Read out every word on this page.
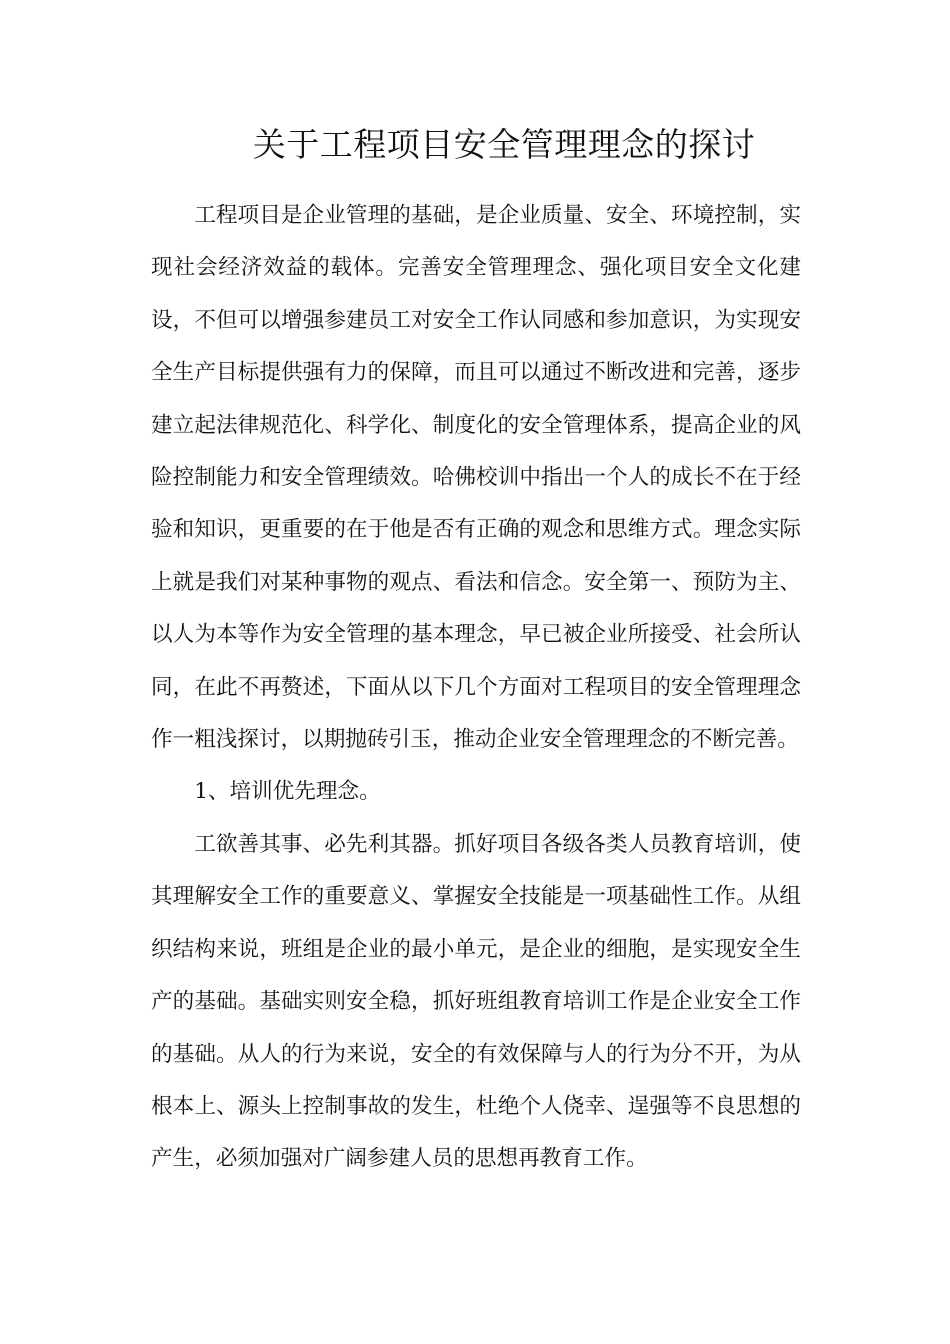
关于工程项目安全管理理念的探讨

工程项目是企业管理的基础，是企业质量、安全、环境控制，实现社会经济效益的载体。完善安全管理理念、强化项目安全文化建设，不但可以增强参建员工对安全工作认同感和参加意识，为实现安全生产目标提供强有力的保障，而且可以通过不断改进和完善，逐步建立起法律规范化、科学化、制度化的安全管理体系，提高企业的风险控制能力和安全管理绩效。哈佛校训中指出一个人的成长不在于经验和知识，更重要的在于他是否有正确的观念和思维方式。理念实际上就是我们对某种事物的观点、看法和信念。安全第一、预防为主、以人为本等作为安全管理的基本理念，早已被企业所接受、社会所认同，在此不再赘述，下面从以下几个方面对工程项目的安全管理理念作一粗浅探讨，以期抛砖引玉，推动企业安全管理理念的不断完善。

1、培训优先理念。

工欲善其事、必先利其器。抓好项目各级各类人员教育培训，使其理解安全工作的重要意义、掌握安全技能是一项基础性工作。从组织结构来说，班组是企业的最小单元，是企业的细胞，是实现安全生产的基础。基础实则安全稳，抓好班组教育培训工作是企业安全工作的基础。从人的行为来说，安全的有效保障与人的行为分不开，为从根本上、源头上控制事故的发生，杜绝个人侥幸、逞强等不良思想的产生，必须加强对广阔参建人员的思想再教育工作。
